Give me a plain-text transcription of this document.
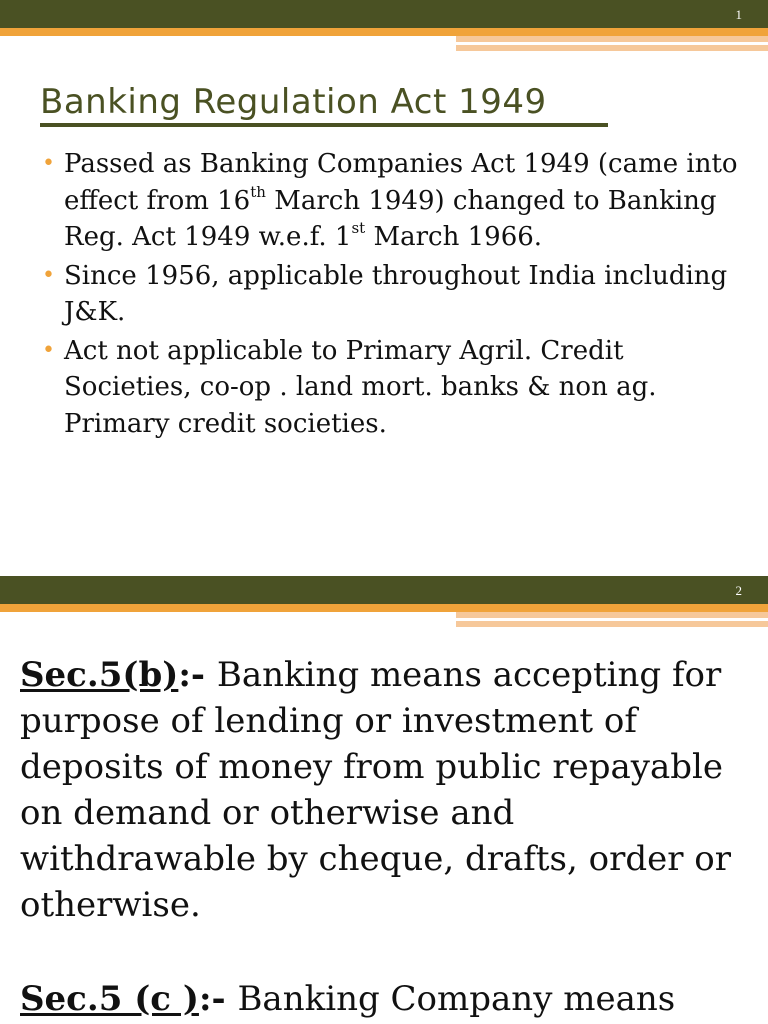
1
Banking Regulation Act 1949
• Passed as Banking Companies Act 1949 (came into effect from 16th March 1949) changed to Banking Reg. Act 1949 w.e.f. 1st March 1966.
• Since 1956, applicable throughout India including J&K.
• Act not applicable to Primary Agril. Credit Societies, co-op . land mort. banks & non ag. Primary credit societies.
2

Sec.5(b):- Banking means accepting for purpose of lending or investment of deposits of money from public repayable on demand or otherwise and withdrawable by cheque, drafts, order or otherwise.

Sec.5 (c ):- Banking Company means
